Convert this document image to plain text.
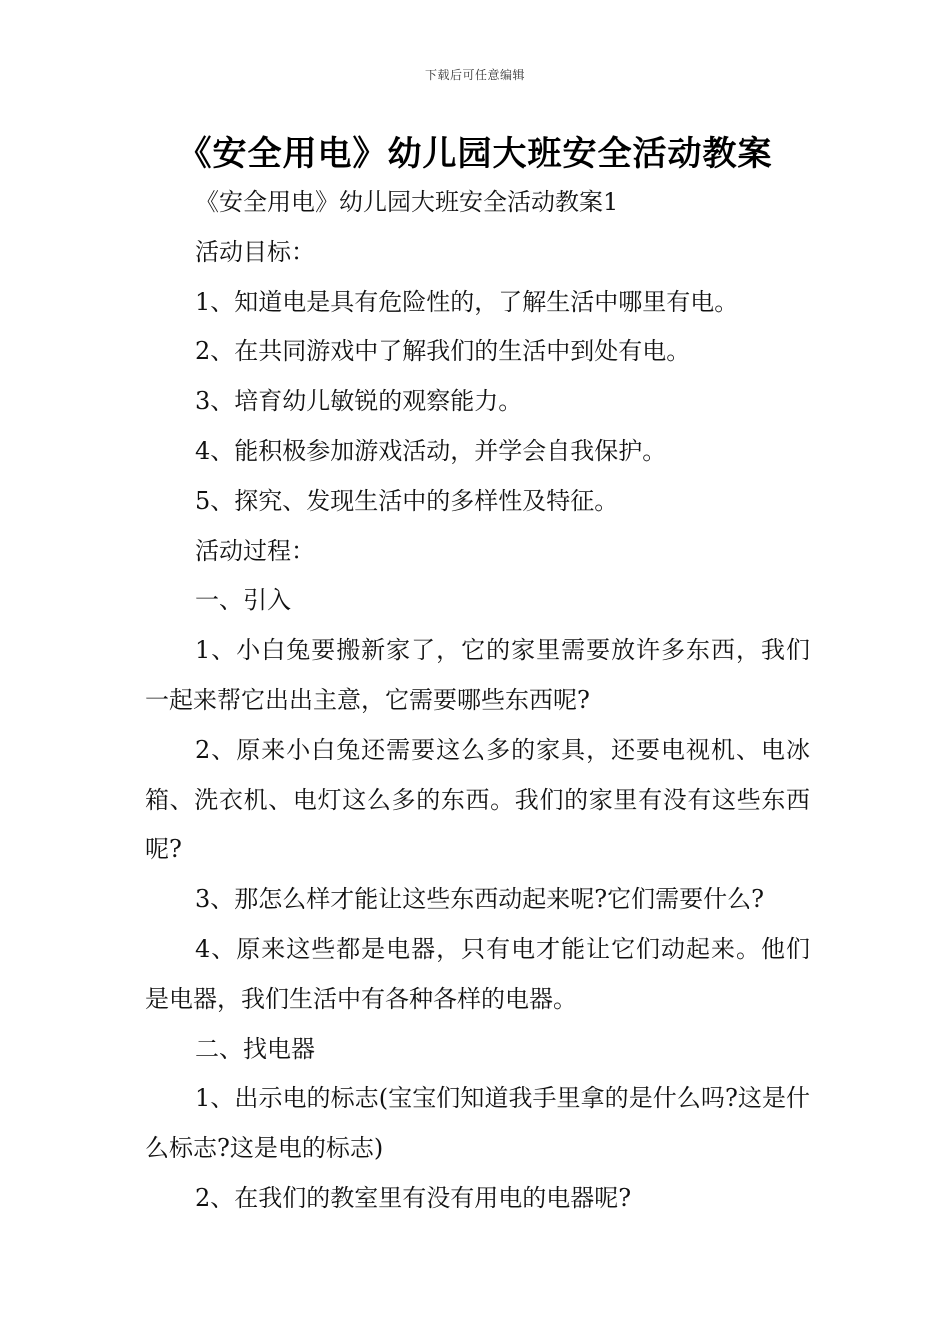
下载后可任意编辑
《安全用电》幼儿园大班安全活动教案

《安全用电》幼儿园大班安全活动教案1

活动目标：

1、知道电是具有危险性的，了解生活中哪里有电。

2、在共同游戏中了解我们的生活中到处有电。

3、培育幼儿敏锐的观察能力。

4、能积极参加游戏活动，并学会自我保护。

5、探究、发现生活中的多样性及特征。

活动过程：

一、引入

1、小白兔要搬新家了，它的家里需要放许多东西，我们一起来帮它出出主意，它需要哪些东西呢?

2、原来小白兔还需要这么多的家具，还要电视机、电冰箱、洗衣机、电灯这么多的东西。我们的家里有没有这些东西呢?

3、那怎么样才能让这些东西动起来呢?它们需要什么?

4、原来这些都是电器，只有电才能让它们动起来。他们是电器，我们生活中有各种各样的电器。

二、找电器

1、出示电的标志(宝宝们知道我手里拿的是什么吗?这是什么标志?这是电的标志)

2、在我们的教室里有没有用电的电器呢?
